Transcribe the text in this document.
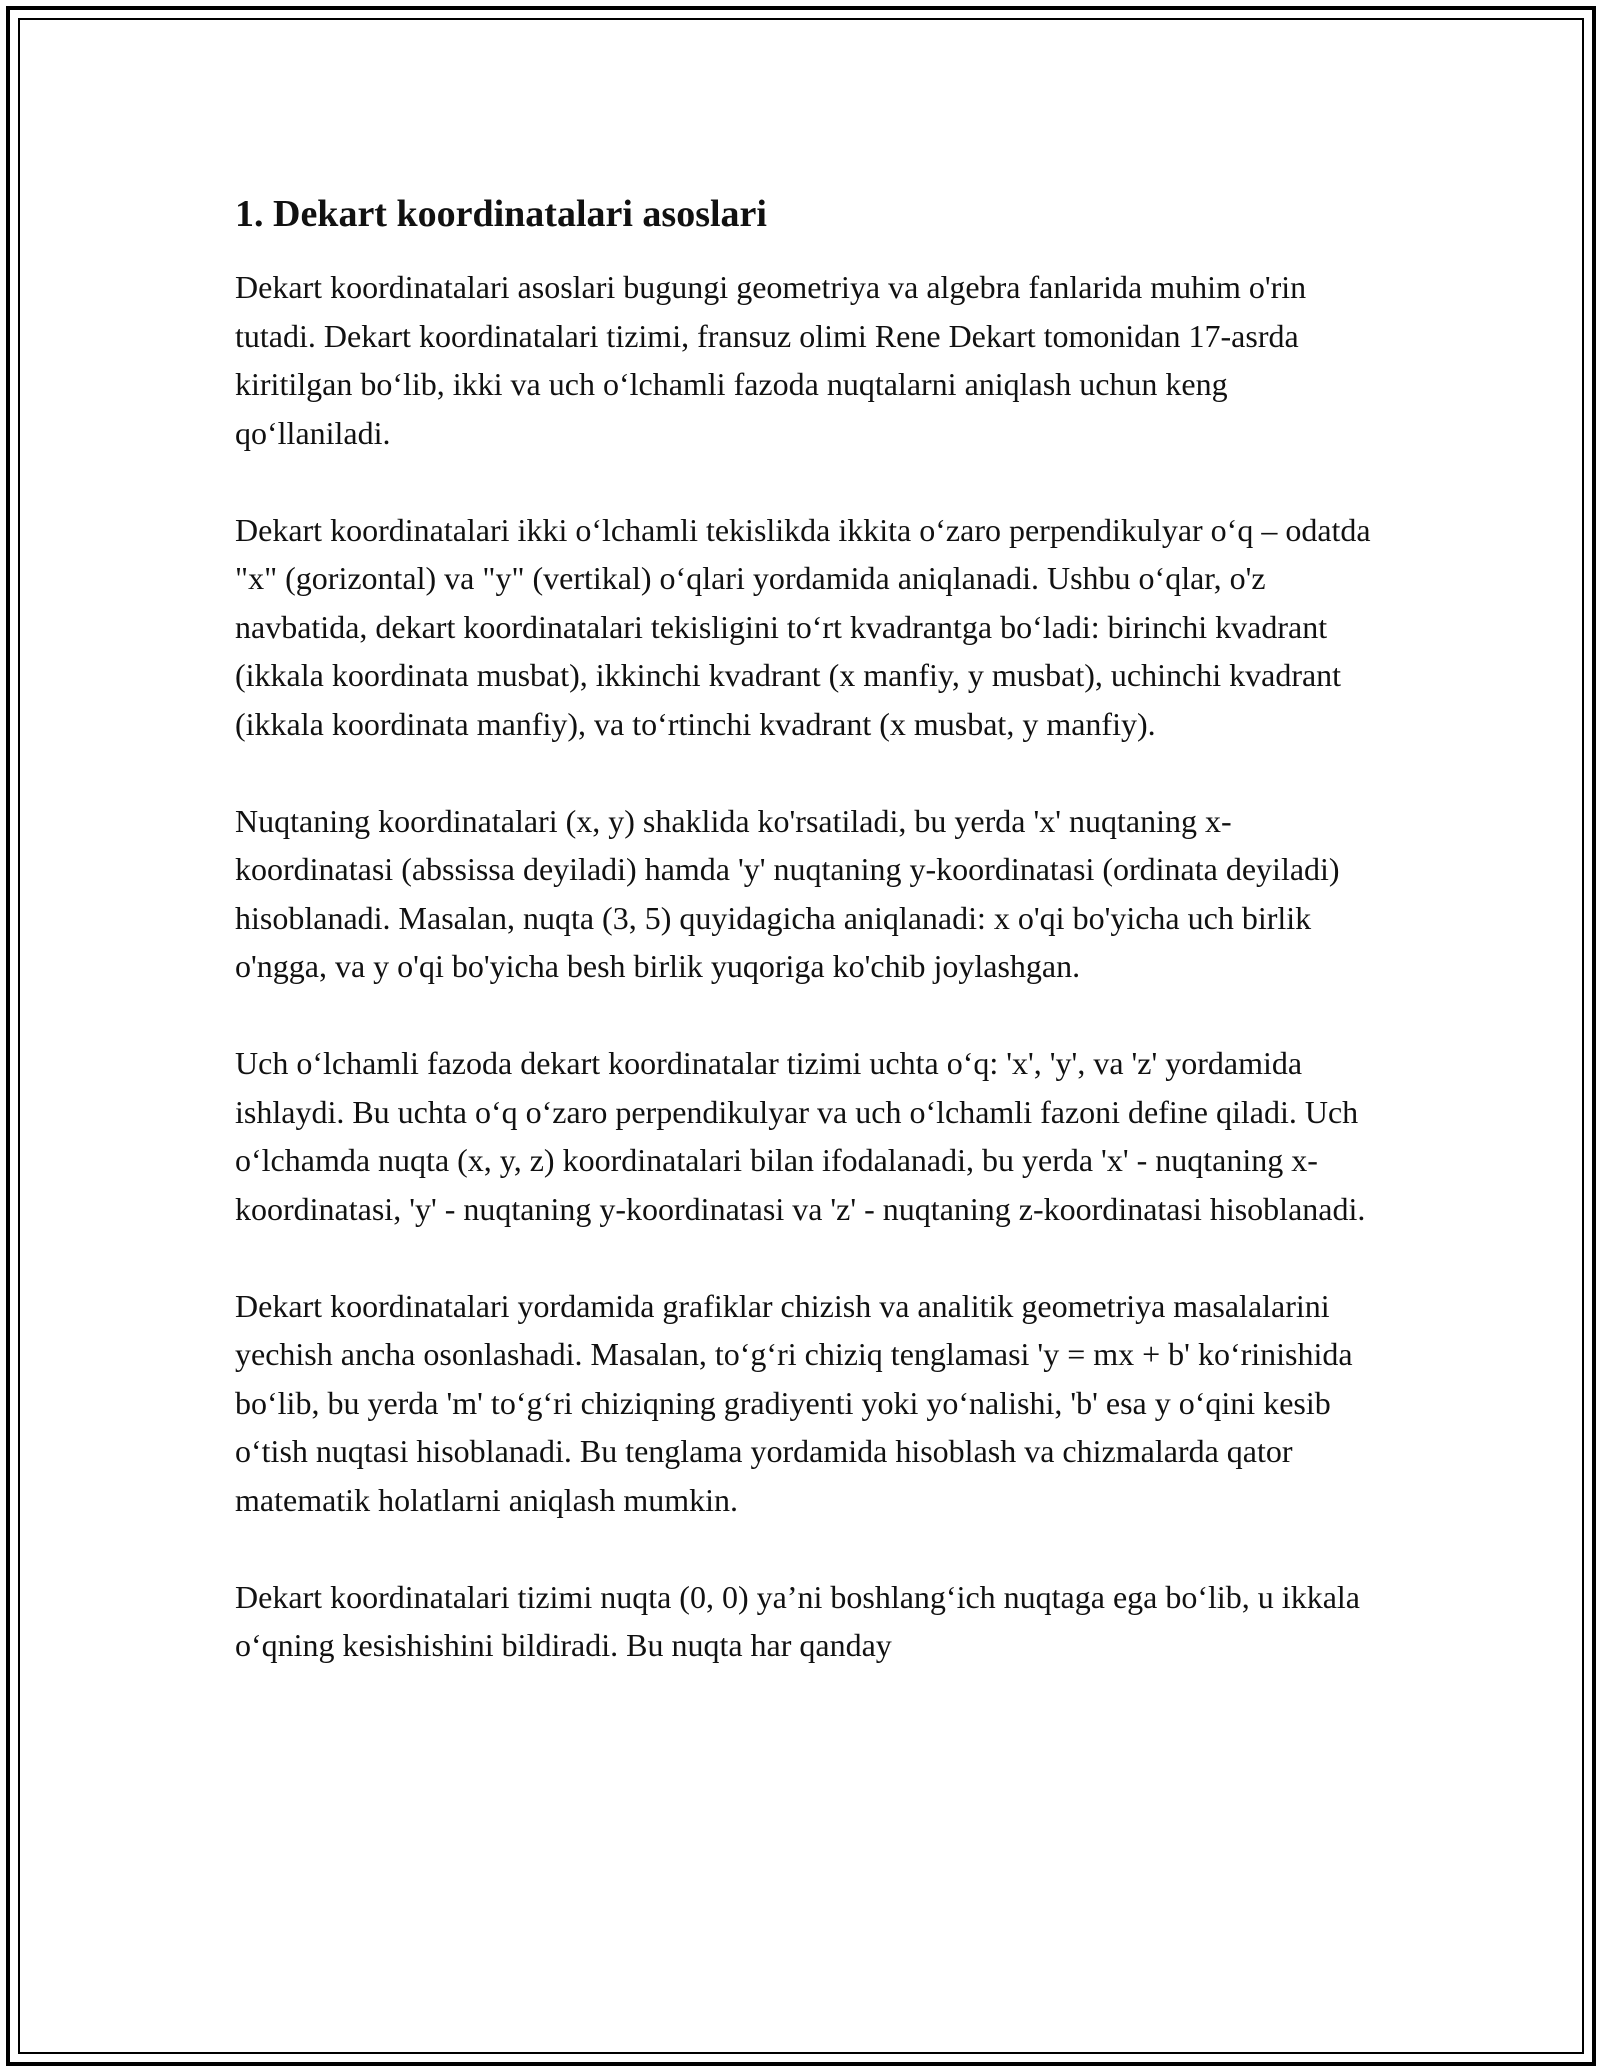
1. Dekart koordinatalari asoslari

Dekart koordinatalari asoslari bugungi geometriya va algebra fanlarida muhim o'rin tutadi. Dekart koordinatalari tizimi, fransuz olimi Rene Dekart tomonidan 17-asrda kiritilgan bo‘lib, ikki va uch o‘lchamli fazoda nuqtalarni aniqlash uchun keng qo‘llaniladi.

Dekart koordinatalari ikki o‘lchamli tekislikda ikkita o‘zaro perpendikulyar o‘q – odatda "x" (gorizontal) va "y" (vertikal) o‘qlari yordamida aniqlanadi. Ushbu o‘qlar, o'z navbatida, dekart koordinatalari tekisligini to‘rt kvadrantga bo‘ladi: birinchi kvadrant (ikkala koordinata musbat), ikkinchi kvadrant (x manfiy, y musbat), uchinchi kvadrant (ikkala koordinata manfiy), va to‘rtinchi kvadrant (x musbat, y manfiy).

Nuqtaning koordinatalari (x, y) shaklida ko'rsatiladi, bu yerda 'x' nuqtaning x-koordinatasi (abssissa deyiladi) hamda 'y' nuqtaning y-koordinatasi (ordinata deyiladi) hisoblanadi. Masalan, nuqta (3, 5) quyidagicha aniqlanadi: x o'qi bo'yicha uch birlik o'ngga, va y o'qi bo'yicha besh birlik yuqoriga ko'chib joylashgan.

Uch o‘lchamli fazoda dekart koordinatalar tizimi uchta o‘q: 'x', 'y', va 'z' yordamida ishlaydi. Bu uchta o‘q o‘zaro perpendikulyar va uch o‘lchamli fazoni define qiladi. Uch o‘lchamda nuqta (x, y, z) koordinatalari bilan ifodalanadi, bu yerda 'x' - nuqtaning x-koordinatasi, 'y' - nuqtaning y-koordinatasi va 'z' - nuqtaning z-koordinatasi hisoblanadi.

Dekart koordinatalari yordamida grafiklar chizish va analitik geometriya masalalarini yechish ancha osonlashadi. Masalan, to‘g‘ri chiziq tenglamasi 'y = mx + b' ko‘rinishida bo‘lib, bu yerda 'm' to‘g‘ri chiziqning gradiyenti yoki yo‘nalishi, 'b' esa y o‘qini kesib o‘tish nuqtasi hisoblanadi. Bu tenglama yordamida hisoblash va chizmalarda qator matematik holatlarni aniqlash mumkin.

Dekart koordinatalari tizimi nuqta (0, 0) ya’ni boshlang‘ich nuqtaga ega bo‘lib, u ikkala o‘qning kesishishini bildiradi. Bu nuqta har qanday
